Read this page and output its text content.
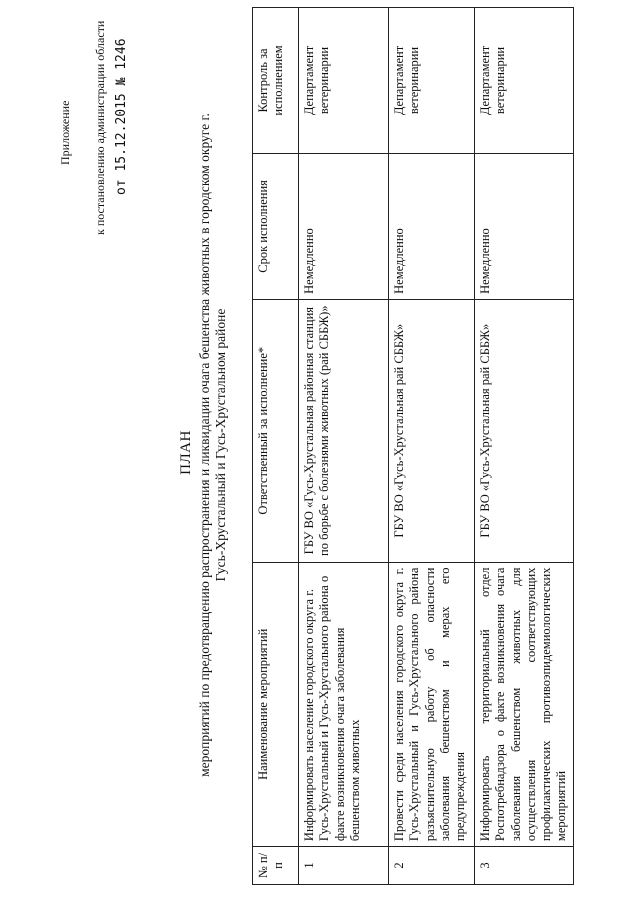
Приложение к постановлению администрации области от 15.12.2015 № 1246
ПЛАН мероприятий по предотвращению распространения и ликвидации очага бешенства животных в городском округе г. Гусь-Хрустальный и Гусь-Хрустальном районе
№ п/п	Наименование мероприятий	Ответственный за исполнение*	Срок исполнения	Контроль за исполнением
1	Информировать население городского округа г. Гусь-Хрустальный и Гусь-Хрустального района о факте возникновения очага заболевания бешенством животных	ГБУ ВО «Гусь-Хрустальная районная станция по борьбе с болезнями животных (рай СББЖ)»	Немедленно	Департамент ветеринарии
2	Провести среди населения городского округа г. Гусь-Хрустальный и Гусь-Хрустального района разъяснительную работу об опасности заболевания бешенством и мерах его предупреждения	ГБУ ВО «Гусь-Хрустальная рай СББЖ»	Немедленно	Департамент ветеринарии
3	Информировать территориальный отдел Роспотребнадзора о факте возникновения очага заболевания бешенством животных для осуществления соответствующих профилактических противоэпидемиологических мероприятий	ГБУ ВО «Гусь-Хрустальная рай СББЖ»	Немедленно	Департамент ветеринарии
